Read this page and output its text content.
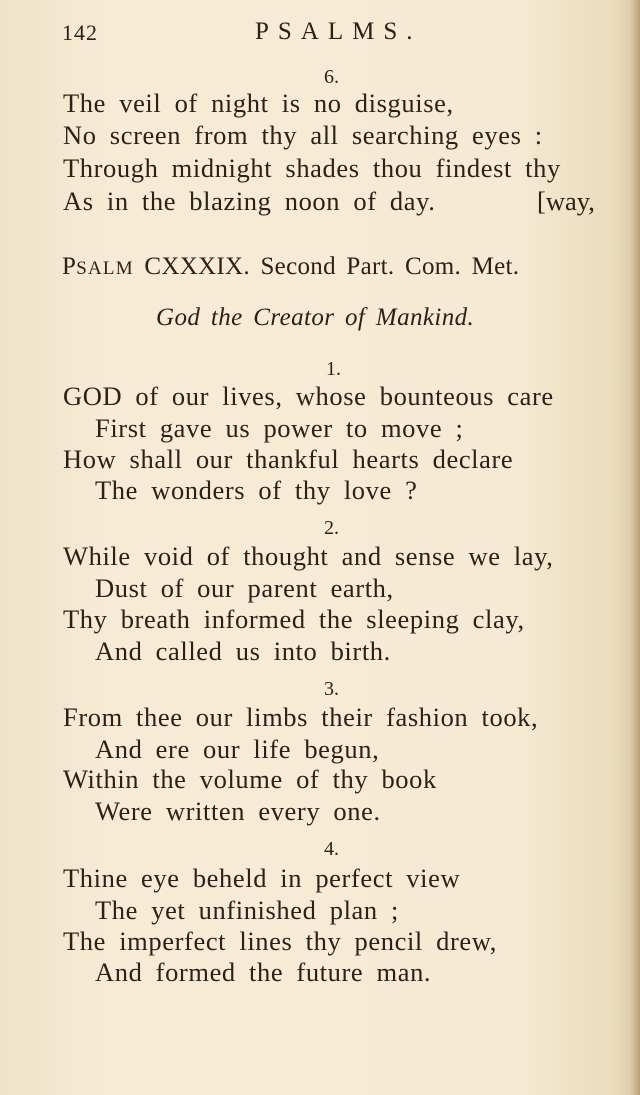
142	PSALMS.
6.
The veil of night is no disguise,
No screen from thy all searching eyes :
Through midnight shades thou findest thy
As in the blazing noon of day.	[way,
PSALM CXXXIX. Second Part. Com. Met.
God the Creator of Mankind.
1.
GOD of our lives, whose bounteous care
First gave us power to move ;
How shall our thankful hearts declare
The wonders of thy love ?
2.
While void of thought and sense we lay,
Dust of our parent earth,
Thy breath informed the sleeping clay,
And called us into birth.
3.
From thee our limbs their fashion took,
And ere our life begun,
Within the volume of thy book
Were written every one.
4.
Thine eye beheld in perfect view
The yet unfinished plan ;
The imperfect lines thy pencil drew,
And formed the future man.
